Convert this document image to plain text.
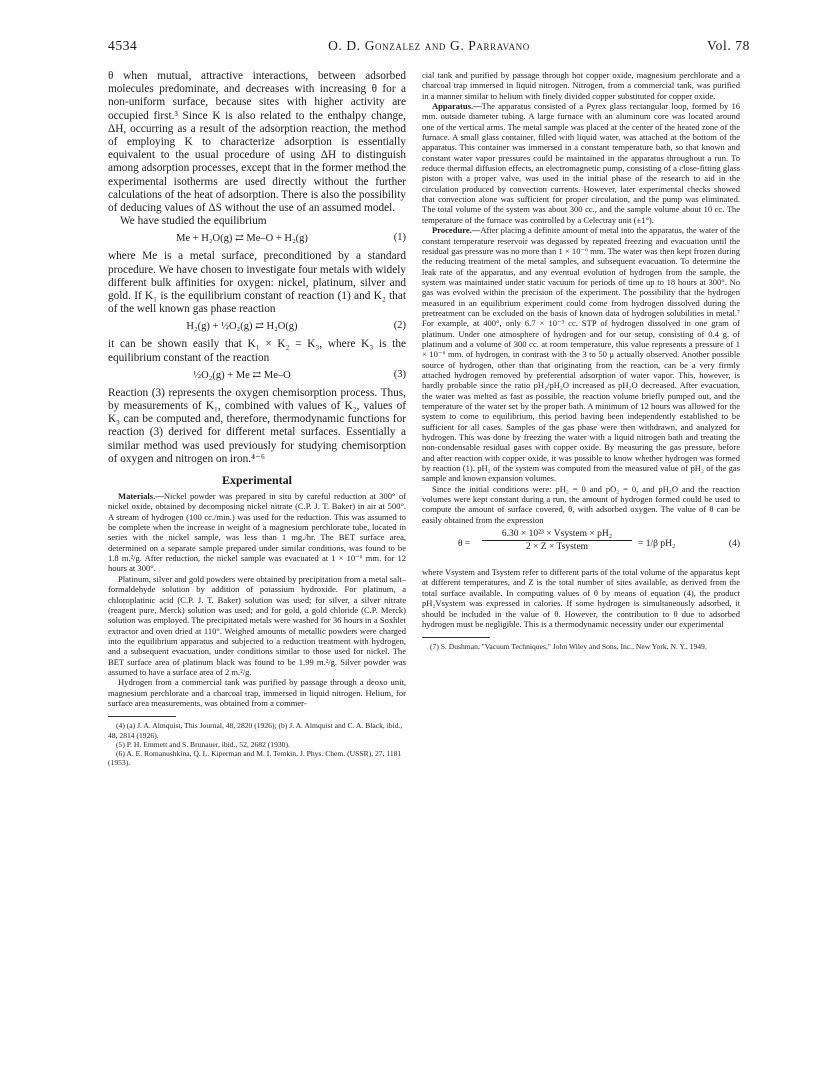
4534	O. D. Gonzalez and G. Parravano	Vol. 78

θ when mutual, attractive interactions, between adsorbed molecules predominate, and decreases with increasing θ for a non-uniform surface, because sites with higher activity are occupied first.³ Since K is also related to the enthalpy change, ΔH, occurring as a result of the adsorption reaction, the method of employing K to characterize adsorption is essentially equivalent to the usual procedure of using ΔH to distinguish among adsorption processes, except that in the former method the experimental isotherms are used directly without the further calculations of the heat of adsorption. There is also the possibility of deducing values of ΔS without the use of an assumed model.

We have studied the equilibrium

Me + H₂O(g) ⇄ Me–O + H₂(g)	(1)

where Me is a metal surface, preconditioned by a standard procedure. We have chosen to investigate four metals with widely different bulk affinities for oxygen: nickel, platinum, silver and gold. If K₁ is the equilibrium constant of reaction (1) and K₂ that of the well known gas phase reaction

H₂(g) + ½O₂(g) ⇄ H₂O(g)	(2)

it can be shown easily that K₁ × K₂ = K₃, where K₃ is the equilibrium constant of the reaction

½O₂(g) + Me ⇄ Me–O	(3)

Reaction (3) represents the oxygen chemisorption process. Thus, by measurements of K₁, combined with values of K₂, values of K₃ can be computed and, therefore, thermodynamic functions for reaction (3) derived for different metal surfaces. Essentially a similar method was used previously for studying chemisorption of oxygen and nitrogen on iron.⁴⁻⁶

Experimental

Materials.—Nickel powder was prepared in situ by careful reduction at 300° of nickel oxide, obtained by decomposing nickel nitrate (C.P. J. T. Baker) in air at 500°. A stream of hydrogen (100 cc./min.) was used for the reduction. This was assumed to be complete when the increase in weight of a magnesium perchlorate tube, located in series with the nickel sample, was less than 1 mg./hr. The BET surface area, determined on a separate sample prepared under similar conditions, was found to be 1.8 m.²/g. After reduction, the nickel sample was evacuated at 1 × 10⁻⁶ mm. for 12 hours at 300°.

Platinum, silver and gold powders were obtained by precipitation from a metal salt–formaldehyde solution by addition of potassium hydroxide. For platinum, a chloroplatinic acid (C.P. J. T. Baker) solution was used; for silver, a silver nitrate (reagent pure, Merck) solution was used; and for gold, a gold chloride (C.P. Merck) solution was employed. The precipitated metals were washed for 36 hours in a Soxhlet extractor and oven dried at 110°. Weighed amounts of metallic powders were charged into the equilibrium apparatus and subjected to a reduction treatment with hydrogen, and a subsequent evacuation, under conditions similar to those used for nickel. The BET surface area of platinum black was found to be 1.99 m.²/g. Silver powder was assumed to have a surface area of 2 m.²/g.

Hydrogen from a commercial tank was purified by passage through a deoxo unit, magnesium perchlorate and a charcoal trap, immersed in liquid nitrogen. Helium, for surface area measurements, was obtained from a commer-

(4) (a) J. A. Almquist, This Journal, 48, 2820 (1926); (b) J. A. Almquist and C. A. Black, ibid., 48, 2814 (1926).

(5) P. H. Emmett and S. Brunauer, ibid., 52, 2682 (1930).

(6) A. E. Romanushkina, Q. L. Kiperman and M. I. Temkin, J. Phys. Chem. (USSR), 27, 1181 (1953).

cial tank and purified by passage through hot copper oxide, magnesium perchlorate and a charcoal trap immersed in liquid nitrogen. Nitrogen, from a commercial tank, was purified in a manner similar to helium with finely divided copper substituted for copper oxide.

Apparatus.—The apparatus consisted of a Pyrex glass rectangular loop, formed by 16 mm. outside diameter tubing. A large furnace with an aluminum core was located around one of the vertical arms. The metal sample was placed at the center of the heated zone of the furnace. A small glass container, filled with liquid water, was attached at the bottom of the apparatus. This container was immersed in a constant temperature bath, so that known and constant water vapor pressures could be maintained in the apparatus throughout a run. To reduce thermal diffusion effects, an electromagnetic pump, consisting of a close-fitting glass piston with a proper valve, was used in the initial phase of the research to aid in the circulation produced by convection currents. However, later experimental checks showed that convection alone was sufficient for proper circulation, and the pump was eliminated. The total volume of the system was about 300 cc., and the sample volume about 10 cc. The temperature of the furnace was controlled by a Celectray unit (±1°).

Procedure.—After placing a definite amount of metal into the apparatus, the water of the constant temperature reservoir was degassed by repeated freezing and evacuation until the residual gas pressure was no more than 1 × 10⁻⁶ mm. The water was then kept frozen during the reducing treatment of the metal samples, and subsequent evacuation. To determine the leak rate of the apparatus, and any eventual evolution of hydrogen from the sample, the system was maintained under static vacuum for periods of time up to 18 hours at 300°. No gas was evolved within the precision of the experiment. The possibility that the hydrogen measured in an equilibrium experiment could come from hydrogen dissolved during the pretreatment can be excluded on the basis of known data of hydrogen solubilities in metal.⁷ For example, at 400°, only 6.7 × 10⁻³ cc. STP of hydrogen dissolved in one gram of platinum. Under one atmosphere of hydrogen and for our setup, consisting of 0.4 g. of platinum and a volume of 300 cc. at room temperature, this value represents a pressure of 1 × 10⁻⁶ mm. of hydrogen, in contrast with the 3 to 50 μ actually observed. Another possible source of hydrogen, other than that originating from the reaction, can be a very firmly attached hydrogen removed by preferential adsorption of water vapor. This, however, is hardly probable since the ratio pH₂/pH₂O increased as pH₂O decreased. After evacuation, the water was melted as fast as possible, the reaction volume briefly pumped out, and the temperature of the water set by the proper bath. A minimum of 12 hours was allowed for the system to come to equilibrium, this period having been independently established to be sufficient for all cases. Samples of the gas phase were then withdrawn, and analyzed for hydrogen. This was done by freezing the water with a liquid nitrogen bath and treating the non-condensable residual gases with copper oxide. By measuring the gas pressure, before and after reaction with copper oxide, it was possible to know whether hydrogen was formed by reaction (1). pH₂ of the system was computed from the measured value of pH₂ of the gas sample and known expansion volumes.

Since the initial conditions were: pH₂ = 0 and pO₂ = 0, and pH₂O and the reaction volumes were kept constant during a run, the amount of hydrogen formed could be used to compute the amount of surface covered, θ, with adsorbed oxygen. The value of θ can be easily obtained from the expression

θ =
6.30 × 10²³ × Vsystem × pH₂
2 × Z × Tsystem	= 1/β pH₂	(4)

where Vsystem and Tsystem refer to different parts of the total volume of the apparatus kept at different temperatures, and Z is the total number of sites available, as derived from the total surface available. In computing values of θ by means of equation (4), the product pH₂Vsystem was expressed in calories. If some hydrogen is simultaneously adsorbed, it should be included in the value of θ. However, the contribution to θ due to adsorbed hydrogen must be negligible. This is a thermodynamic necessity under our experimental

(7) S. Dushman, "Vacuum Techniques," John Wiley and Sons, Inc., New York, N. Y., 1949.
